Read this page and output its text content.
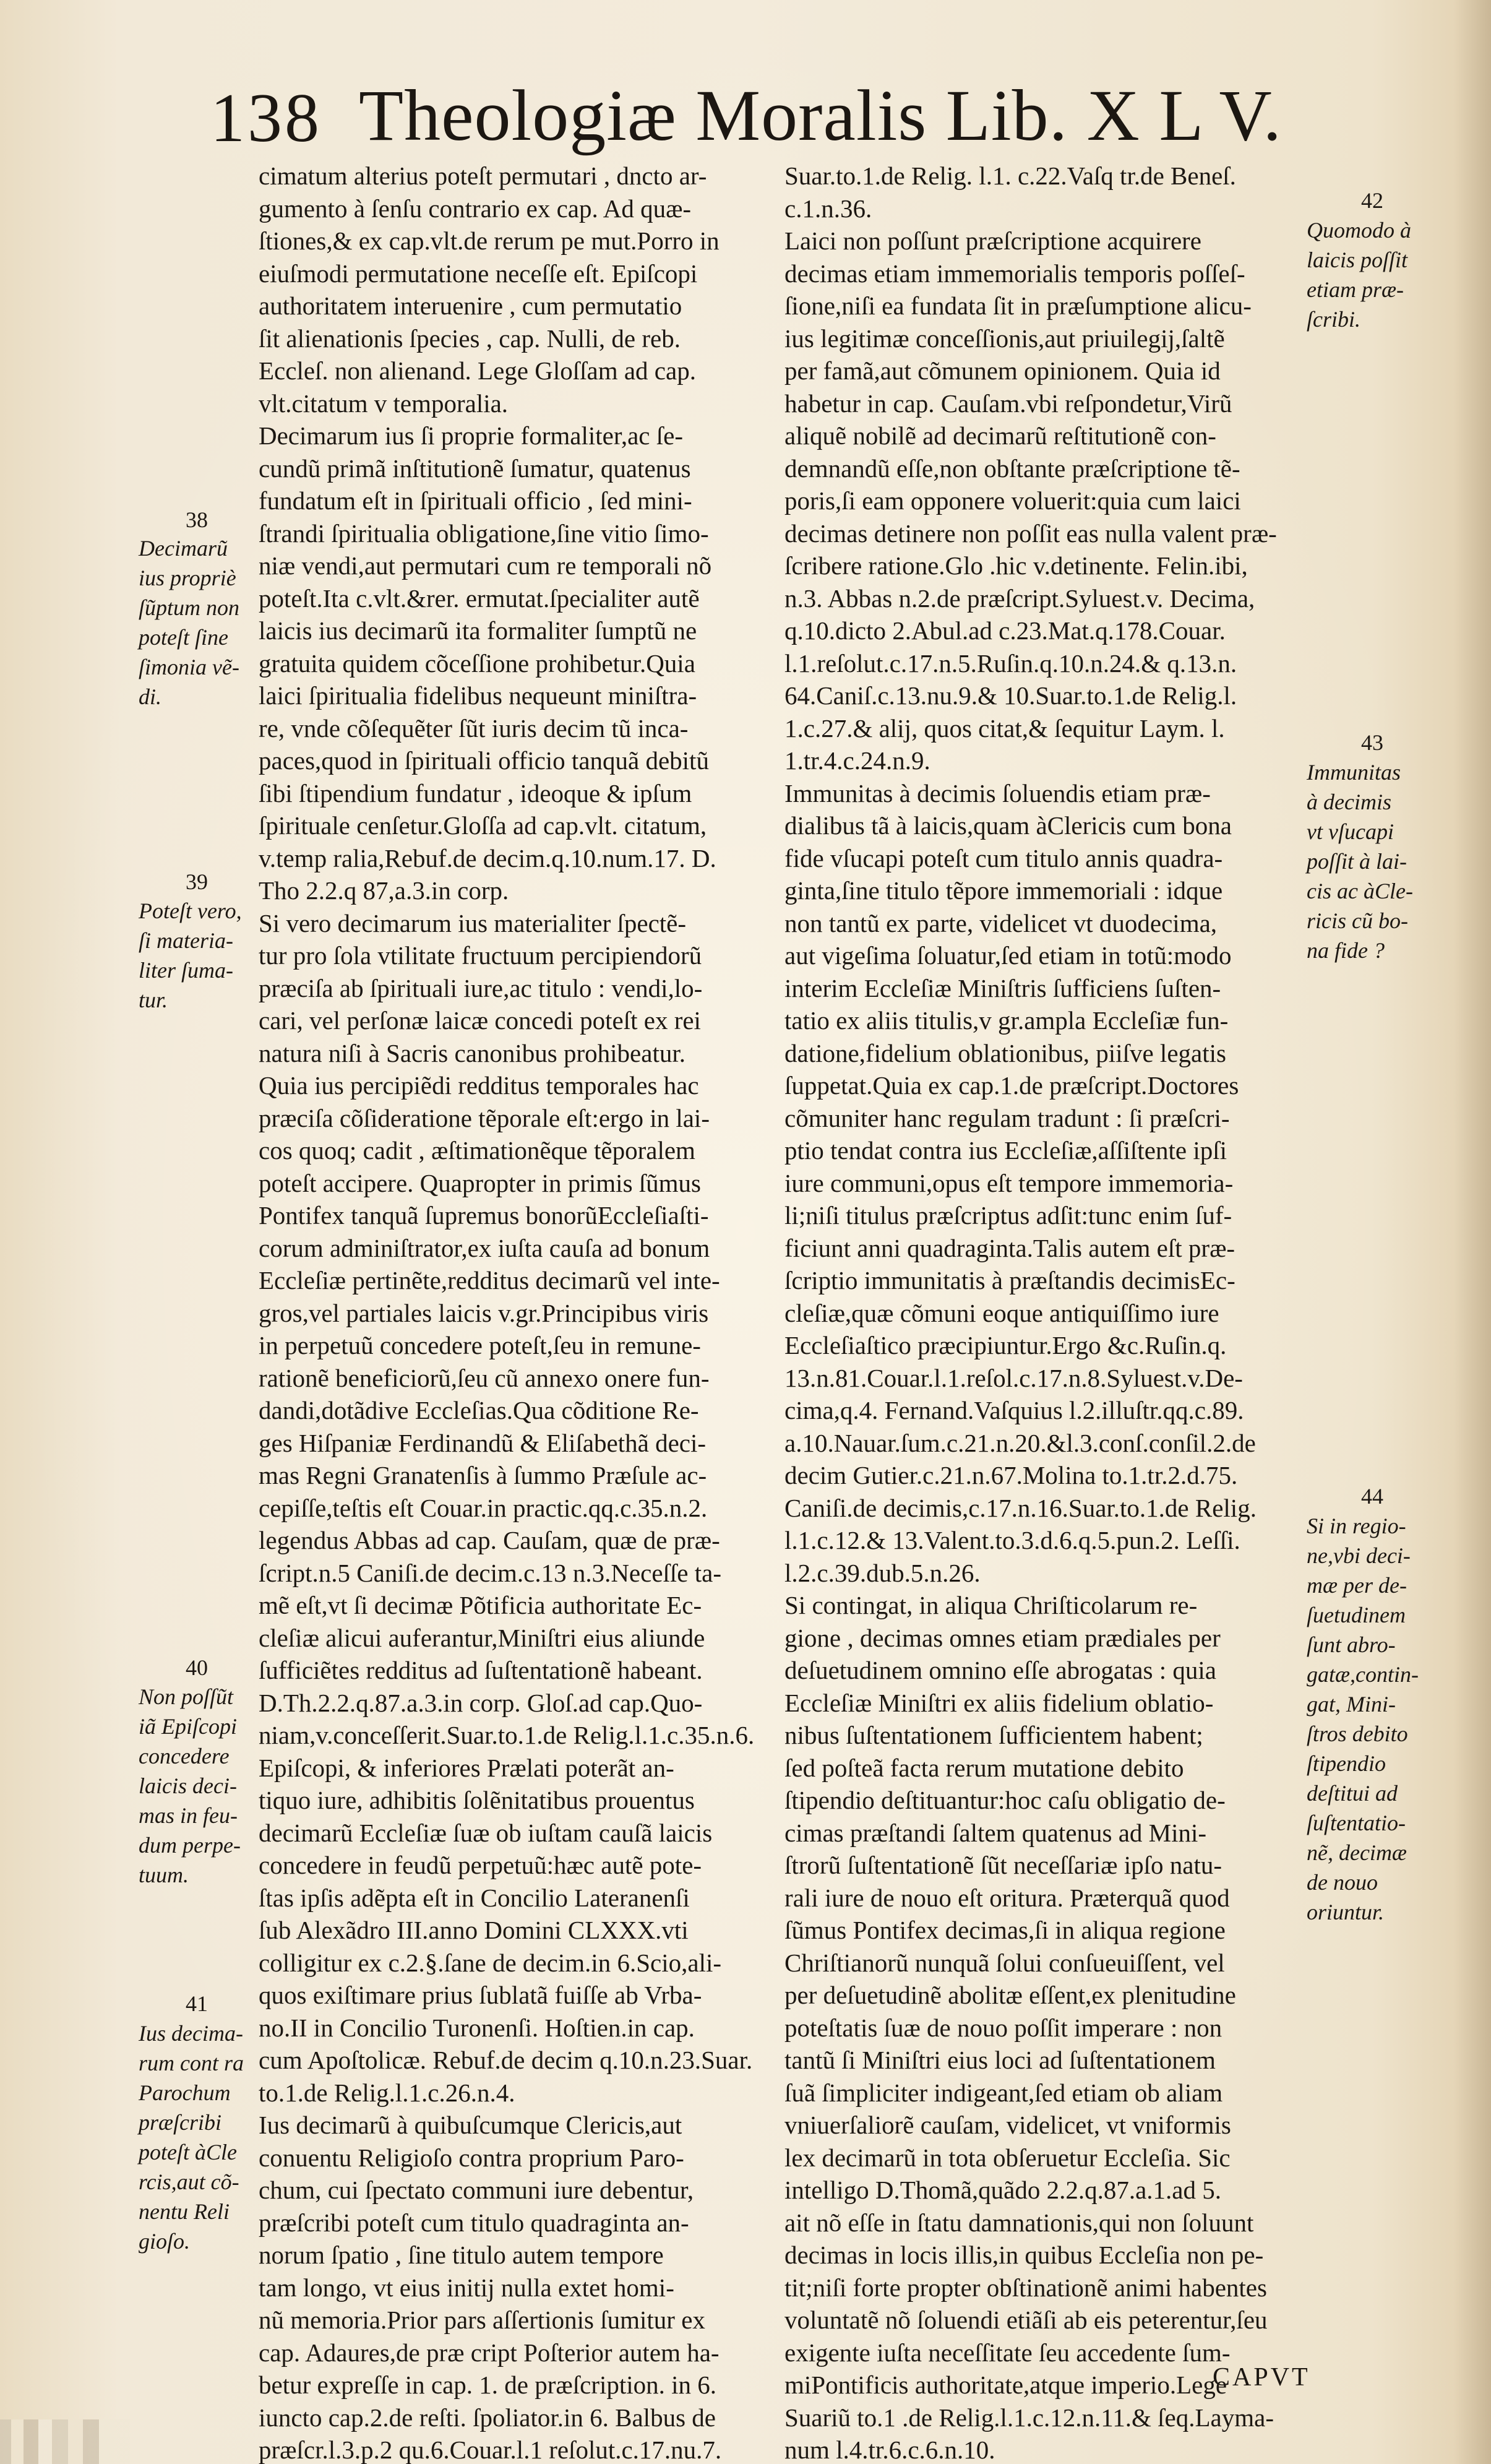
138 Theologiæ Moralis Lib. X L V.
cimatum alterius poteſt permutari , dncto ar-
gumento à ſenſu contrario ex cap. Ad quæ-
ſtiones,& ex cap.vlt.de rerum pe mut.Porro in
eiuſmodi permutatione neceſſe eſt. Epiſcopi
authoritatem interuenire , cum permutatio
ſit alienationis ſpecies , cap. Nulli, de reb.
Eccleſ. non alienand. Lege Gloſſam ad cap.
vlt.citatum v temporalia.
Decimarum ius ſi proprie formaliter,ac ſe-
cundũ primã inſtitutionẽ ſumatur, quatenus
fundatum eſt in ſpirituali officio , ſed mini-
ſtrandi ſpiritualia obligatione,ſine vitio ſimo-
niæ vendi,aut permutari cum re temporali nõ
poteſt.Ita c.vlt.&rer. ermutat.ſpecialiter autẽ
laicis ius decimarũ ita formaliter ſumptũ ne
gratuita quidem cõceſſione prohibetur.Quia
laici ſpiritualia fidelibus nequeunt miniſtra-
re, vnde cõſequẽter ſũt iuris decim tũ inca-
paces,quod in ſpirituali officio tanquã debitũ
ſibi ſtipendium fundatur , ideoque & ipſum
ſpirituale cenſetur.Gloſſa ad cap.vlt. citatum,
v.temp ralia,Rebuf.de decim.q.10.num.17. D.
Tho 2.2.q 87,a.3.in corp.
Si vero decimarum ius materialiter ſpectẽ-
tur pro ſola vtilitate fructuum percipiendorũ
præciſa ab ſpirituali iure,ac titulo : vendi,lo-
cari, vel perſonæ laicæ concedi poteſt ex rei
natura niſi à Sacris canonibus prohibeatur.
Quia ius percipiẽdi redditus temporales hac
præciſa cõſideratione tẽporale eſt:ergo in lai-
cos quoq; cadit , æſtimationẽque tẽporalem
poteſt accipere. Quapropter in primis ſũmus
Pontifex tanquã ſupremus bonorũEccleſiaſti-
corum adminiſtrator,ex iuſta cauſa ad bonum
Eccleſiæ pertinẽte,redditus decimarũ vel inte-
gros,vel partiales laicis v.gr.Principibus viris
in perpetuũ concedere poteſt,ſeu in remune-
rationẽ beneficiorũ,ſeu cũ annexo onere fun-
dandi,dotãdive Eccleſias.Qua cõditione Re-
ges Hiſpaniæ Ferdinandũ & Eliſabethã deci-
mas Regni Granatenſis à ſummo Præſule ac-
cepiſſe,teſtis eſt Couar.in practic.qq.c.35.n.2.
legendus Abbas ad cap. Cauſam, quæ de præ-
ſcript.n.5 Caniſi.de decim.c.13 n.3.Neceſſe ta-
mẽ eſt,vt ſi decimæ Põtificia authoritate Ec-
cleſiæ alicui auferantur,Miniſtri eius aliunde
ſufficiẽtes redditus ad ſuſtentationẽ habeant.
D.Th.2.2.q.87.a.3.in corp. Gloſ.ad cap.Quo-
niam,v.conceſſerit.Suar.to.1.de Relig.l.1.c.35.n.6.
Epiſcopi, & inferiores Prælati poterãt an-
tiquo iure, adhibitis ſolẽnitatibus prouentus
decimarũ Eccleſiæ ſuæ ob iuſtam cauſã laicis
concedere in feudũ perpetuũ:hæc autẽ pote-
ſtas ipſis adẽpta eſt in Concilio Lateranenſi
ſub Alexãdro III.anno Domini CLXXX.vti
colligitur ex c.2.§.ſane de decim.in 6.Scio,ali-
quos exiſtimare prius ſublatã fuiſſe ab Vrba-
no.II in Concilio Turonenſi. Hoſtien.in cap.
cum Apoſtolicæ. Rebuf.de decim q.10.n.23.Suar.
to.1.de Relig.l.1.c.26.n.4.
Ius decimarũ à quibuſcumque Clericis,aut
conuentu Religioſo contra proprium Paro-
chum, cui ſpectato communi iure debentur,
præſcribi poteſt cum titulo quadraginta an-
norum ſpatio , ſine titulo autem tempore
tam longo, vt eius initij nulla extet homi-
nũ memoria.Prior pars aſſertionis ſumitur ex
cap. Adaures,de præ cript Poſterior autem ha-
betur expreſſe in cap. 1. de præſcription. in 6.
iuncto cap.2.de reſti. ſpoliator.in 6. Balbus de
præſcr.l.3.p.2 qu.6.Couar.l.1 reſolut.c.17.nu.7.
Suar.to.1.de Relig. l.1. c.22.Vaſq tr.de Beneſ.
c.1.n.36.
Laici non poſſunt præſcriptione acquirere
decimas etiam immemorialis temporis poſſeſ-
ſione,niſi ea fundata ſit in præſumptione alicu-
ius legitimæ conceſſionis,aut priuilegij,ſaltẽ
per famã,aut cõmunem opinionem. Quia id
habetur in cap. Cauſam.vbi reſpondetur,Virũ
aliquẽ nobilẽ ad decimarũ reſtitutionẽ con-
demnandũ eſſe,non obſtante præſcriptione tẽ-
poris,ſi eam opponere voluerit:quia cum laici
decimas detinere non poſſit eas nulla valent præ-
ſcribere ratione.Glo .hic v.detinente. Felin.ibi,
n.3. Abbas n.2.de præſcript.Syluest.v. Decima,
q.10.dicto 2.Abul.ad c.23.Mat.q.178.Couar.
l.1.reſolut.c.17.n.5.Ruſin.q.10.n.24.& q.13.n.
64.Caniſ.c.13.nu.9.& 10.Suar.to.1.de Relig.l.
1.c.27.& alij, quos citat,& ſequitur Laym. l.
1.tr.4.c.24.n.9.
Immunitas à decimis ſoluendis etiam præ-
dialibus tã à laicis,quam àClericis cum bona
fide vſucapi poteſt cum titulo annis quadra-
ginta,ſine titulo tẽpore immemoriali : idque
non tantũ ex parte, videlicet vt duodecima,
aut vigeſima ſoluatur,ſed etiam in totũ:modo
interim Eccleſiæ Miniſtris ſufficiens ſuſten-
tatio ex aliis titulis,v gr.ampla Eccleſiæ fun-
datione,fidelium oblationibus, piiſve legatis
ſuppetat.Quia ex cap.1.de præſcript.Doctores
cõmuniter hanc regulam tradunt : ſi præſcri-
ptio tendat contra ius Eccleſiæ,aſſiſtente ipſi
iure communi,opus eſt tempore immemoria-
li;niſi titulus præſcriptus adſit:tunc enim ſuf-
ficiunt anni quadraginta.Talis autem eſt præ-
ſcriptio immunitatis à præſtandis decimisEc-
cleſiæ,quæ cõmuni eoque antiquiſſimo iure
Eccleſiaſtico præcipiuntur.Ergo &c.Ruſin.q.
13.n.81.Couar.l.1.reſol.c.17.n.8.Syluest.v.De-
cima,q.4. Fernand.Vaſquius l.2.illuſtr.qq.c.89.
a.10.Nauar.ſum.c.21.n.20.&l.3.conſ.conſil.2.de
decim Gutier.c.21.n.67.Molina to.1.tr.2.d.75.
Caniſi.de decimis,c.17.n.16.Suar.to.1.de Relig.
l.1.c.12.& 13.Valent.to.3.d.6.q.5.pun.2. Leſſi.
l.2.c.39.dub.5.n.26.
Si contingat, in aliqua Chriſticolarum re-
gione , decimas omnes etiam prædiales per
deſuetudinem omnino eſſe abrogatas : quia
Eccleſiæ Miniſtri ex aliis fidelium oblatio-
nibus ſuſtentationem ſufficientem habent;
ſed poſteã facta rerum mutatione debito
ſtipendio deſtituantur:hoc caſu obligatio de-
cimas præſtandi ſaltem quatenus ad Mini-
ſtrorũ ſuſtentationẽ ſũt neceſſariæ ipſo natu-
rali iure de nouo eſt oritura. Præterquã quod
ſũmus Pontifex decimas,ſi in aliqua regione
Chriſtianorũ nunquã ſolui conſueuiſſent, vel
per deſuetudinẽ abolitæ eſſent,ex plenitudine
poteſtatis ſuæ de nouo poſſit imperare : non
tantũ ſi Miniſtri eius loci ad ſuſtentationem
ſuã ſimpliciter indigeant,ſed etiam ob aliam
vniuerſaliorẽ cauſam, videlicet, vt vniformis
lex decimarũ in tota obſeruetur Eccleſia. Sic
intelligo D.Thomã,quãdo 2.2.q.87.a.1.ad 5.
ait nõ eſſe in ſtatu damnationis,qui non ſoluunt
decimas in locis illis,in quibus Eccleſia non pe-
tit;niſi forte propter obſtinationẽ animi habentes
voluntatẽ nõ ſoluendi etiãſi ab eis peterentur,ſeu
exigente iuſta neceſſitate ſeu accedente ſum-
miPontificis authoritate,atque imperio.Lege
Suariũ to.1 .de Relig.l.1.c.12.n.11.& ſeq.Layma-
num l.4.tr.6.c.6.n.10.
38
Decimarũ
ius propriè
ſũptum non
poteſt ſine
ſimonia vẽ-
di.
39
Poteſt vero,
ſi materia-
liter ſuma-
tur.
40
Non poſſũt
iã Epiſcopi
concedere
laicis deci-
mas in feu-
dum perpe-
tuum.
41
Ius decima-
rum cont ra
Parochum
præſcribi
poteſt àCle
rcis,aut cõ-
nentu Reli
gioſo.
42
Quomodo à
laicis poſſit
etiam præ-
ſcribi.
43
Immunitas
à decimis
vt vſucapi
poſſit à lai-
cis ac àCle-
ricis cũ bo-
na fide ?
44
Si in regio-
ne,vbi deci-
mæ per de-
ſuetudinem
ſunt abro-
gatæ,contin-
gat, Mini-
ſtros debito
ſtipendio
deſtitui ad
ſuſtentatio-
nẽ, decimæ
de nouo
oriuntur.
CAPVT
